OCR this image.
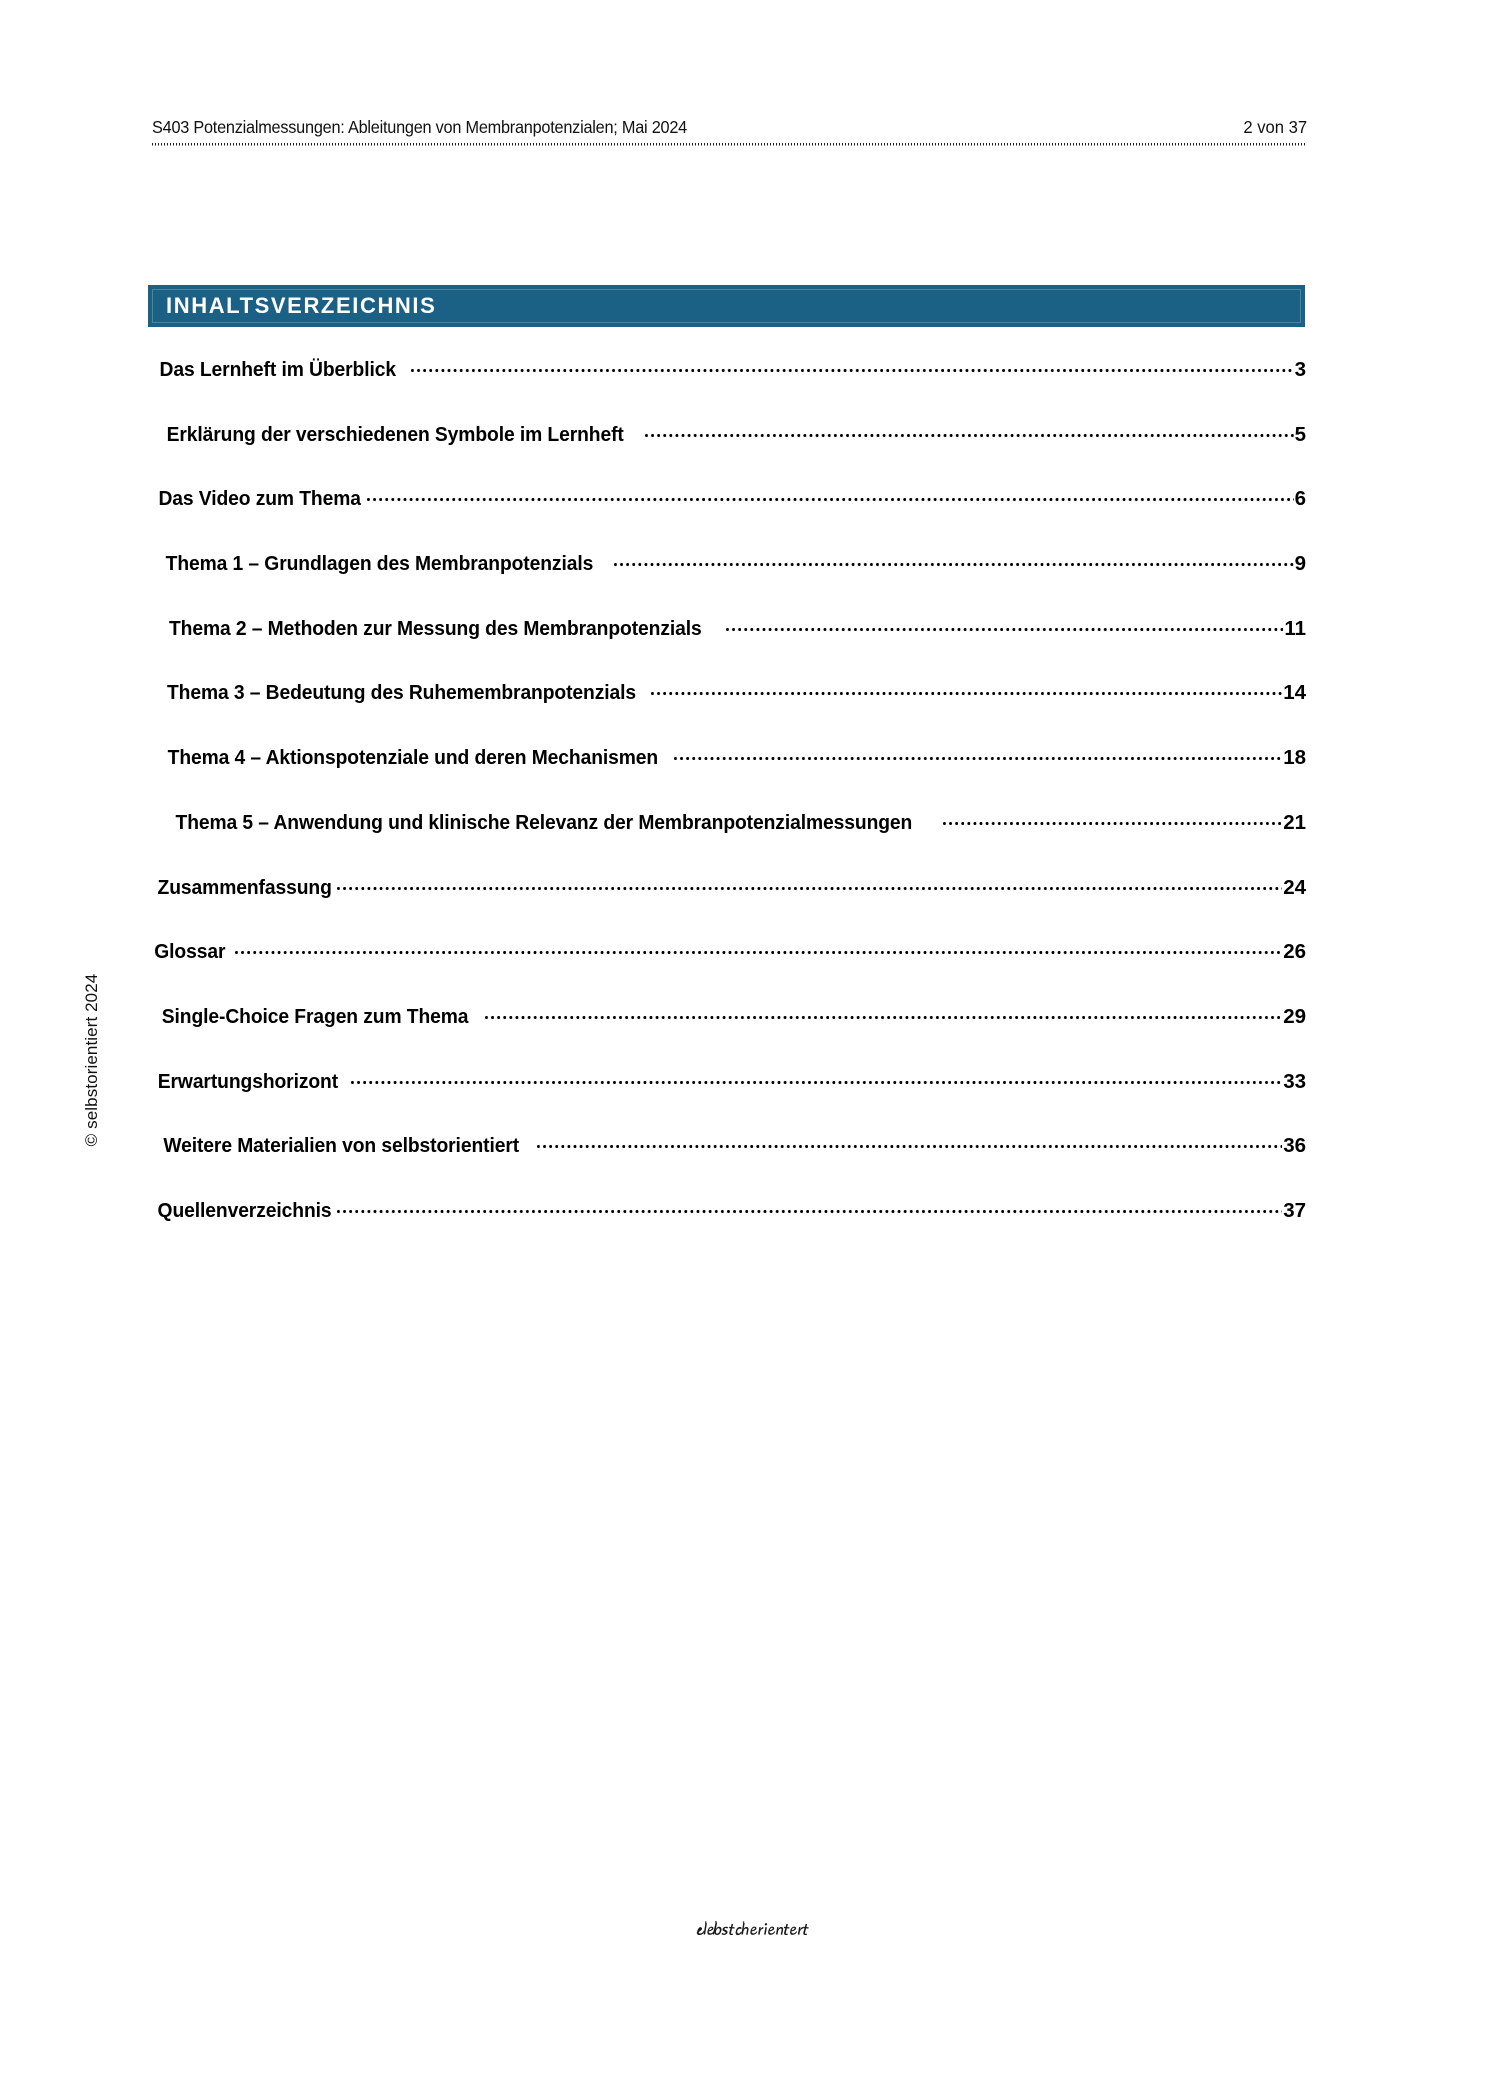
S403 Potenzialmessungen: Ableitungen von Membranpotenzialen; Mai 2024	2 von 37
INHALTSVERZEICHNIS
Das Lernheft im Überblick	3
Erklärung der verschiedenen Symbole im Lernheft	5
Das Video zum Thema	6
Thema 1 – Grundlagen des Membranpotenzials	9
Thema 2 – Methoden zur Messung des Membranpotenzials	11
Thema 3 – Bedeutung des Ruhemembranpotenzials	14
Thema 4 – Aktionspotenziale und deren Mechanismen	18
Thema 5 – Anwendung und klinische Relevanz der Membranpotenzialmessungen	21
Zusammenfassung	24
Glossar	26
Single-Choice Fragen zum Thema	29
Erwartungshorizont	33
Weitere Materialien von selbstorientiert	36
Quellenverzeichnis	37
© selbstorientiert 2024
